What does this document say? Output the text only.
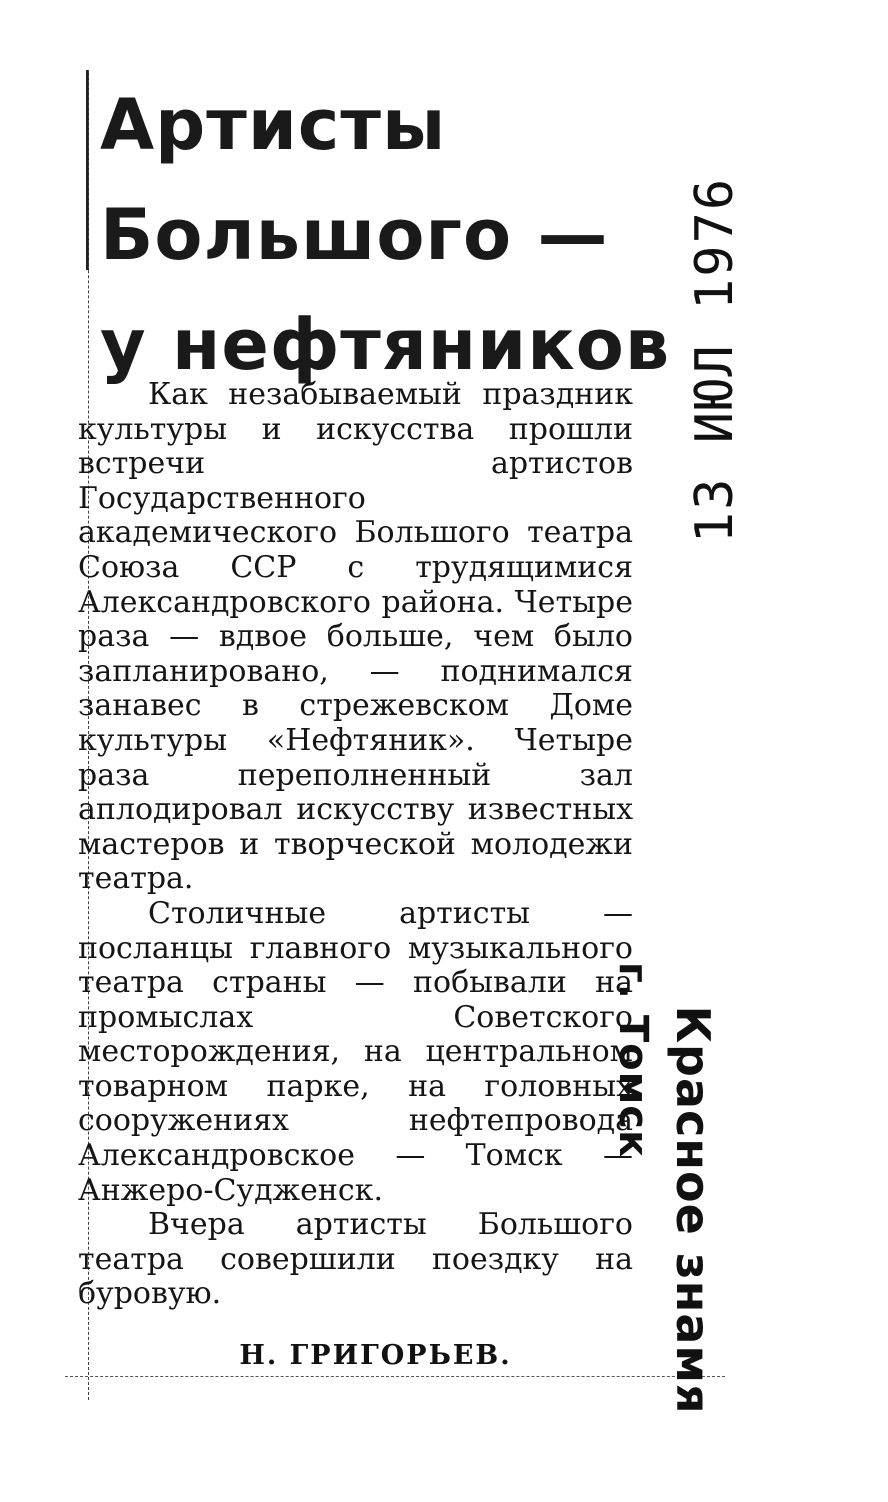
Артисты
Большого —
у нефтяников

Как незабываемый праздник культуры и искусства прошли встречи артистов Государственного академического Большого театра Союза ССР с трудящимися Александровского района. Четыре раза — вдвое больше, чем было запланировано, — поднимался занавес в стрежевском Доме культуры «Нефтяник». Четыре раза переполненный зал аплодировал искусству известных мастеров и творческой молодежи театра.

Столичные артисты — посланцы главного музыкального театра страны — побывали на промыслах Советского месторождения, на центральном товарном парке, на головных сооружениях нефтепровода Александровское — Томск — Анжеро-Судженск.

Вчера артисты Большого театра совершили поездку на буровую.

Н. ГРИГОРЬЕВ.
13 ИЮЛ 1976
Красное знамя
г. Томск
